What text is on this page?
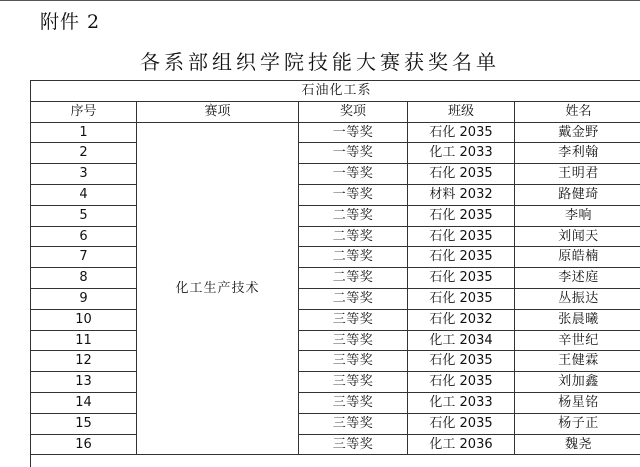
附件 2
各系部组织学院技能大赛获奖名单
石油化工系				
序号	赛项	奖项	班级	姓名
1	化工生产技术	一等奖	石化 2035	戴金野
2		一等奖	化工 2033	李利翰
3		一等奖	石化 2035	王明君
4		一等奖	材料 2032	路健琦
5		二等奖	石化 2035	李响
6		二等奖	石化 2035	刘闻天
7		二等奖	石化 2035	原皓楠
8		二等奖	石化 2035	李述庭
9		二等奖	石化 2035	丛振达
10		三等奖	石化 2032	张晨曦
11		三等奖	化工 2034	辛世纪
12		三等奖	石化 2035	王健霖
13		三等奖	石化 2035	刘加鑫
14		三等奖	化工 2033	杨星铭
15		三等奖	石化 2035	杨子正
16		三等奖	化工 2036	魏尧
